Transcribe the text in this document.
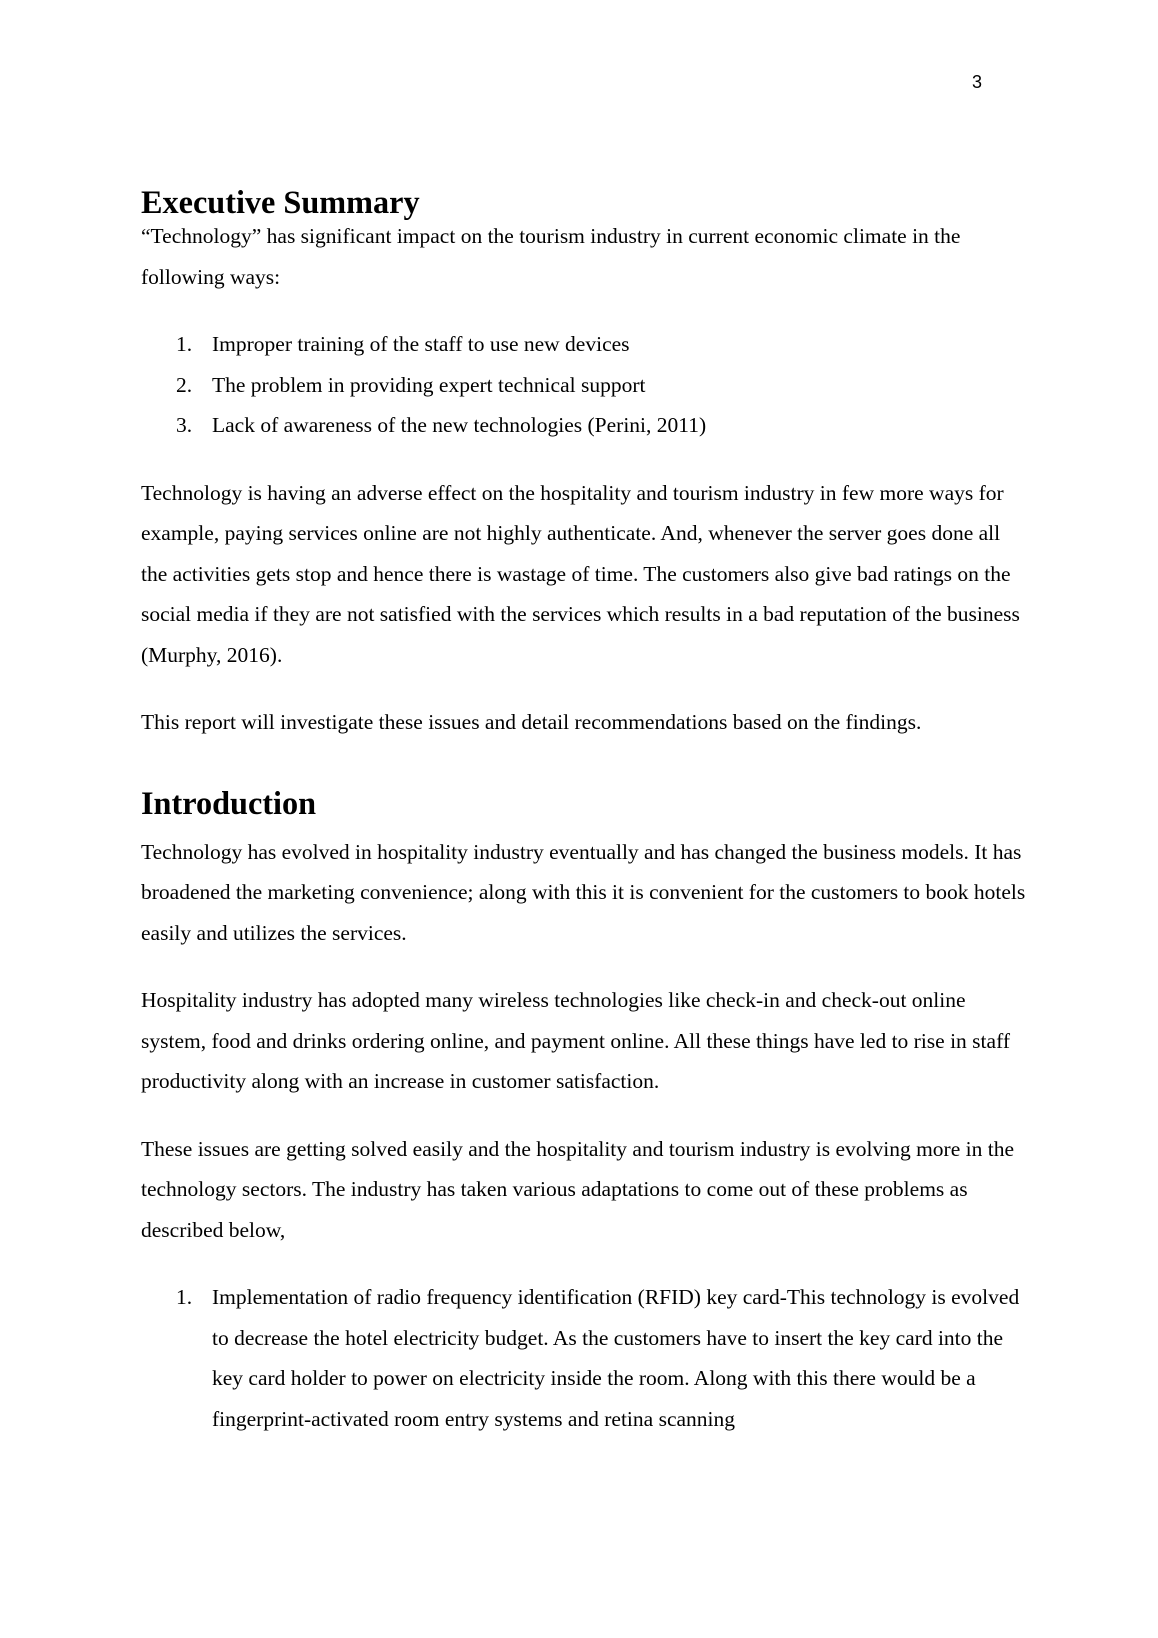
3
Executive Summary

“Technology” has significant impact on the tourism industry in current economic climate in the following ways:

1. Improper training of the staff to use new devices
2. The problem in providing expert technical support
3. Lack of awareness of the new technologies (Perini, 2011)

Technology is having an adverse effect on the hospitality and tourism industry in few more ways for example, paying services online are not highly authenticate. And, whenever the server goes done all the activities gets stop and hence there is wastage of time. The customers also give bad ratings on the social media if they are not satisfied with the services which results in a bad reputation of the business (Murphy, 2016).

This report will investigate these issues and detail recommendations based on the findings.

Introduction

Technology has evolved in hospitality industry eventually and has changed the business models. It has broadened the marketing convenience; along with this it is convenient for the customers to book hotels easily and utilizes the services.

Hospitality industry has adopted many wireless technologies like check-in and check-out online system, food and drinks ordering online, and payment online. All these things have led to rise in staff productivity along with an increase in customer satisfaction.

These issues are getting solved easily and the hospitality and tourism industry is evolving more in the technology sectors. The industry has taken various adaptations to come out of these problems as described below,

1. Implementation of radio frequency identification (RFID) key card-This technology is evolved to decrease the hotel electricity budget. As the customers have to insert the key card into the key card holder to power on electricity inside the room. Along with this there would be a fingerprint-activated room entry systems and retina scanning
